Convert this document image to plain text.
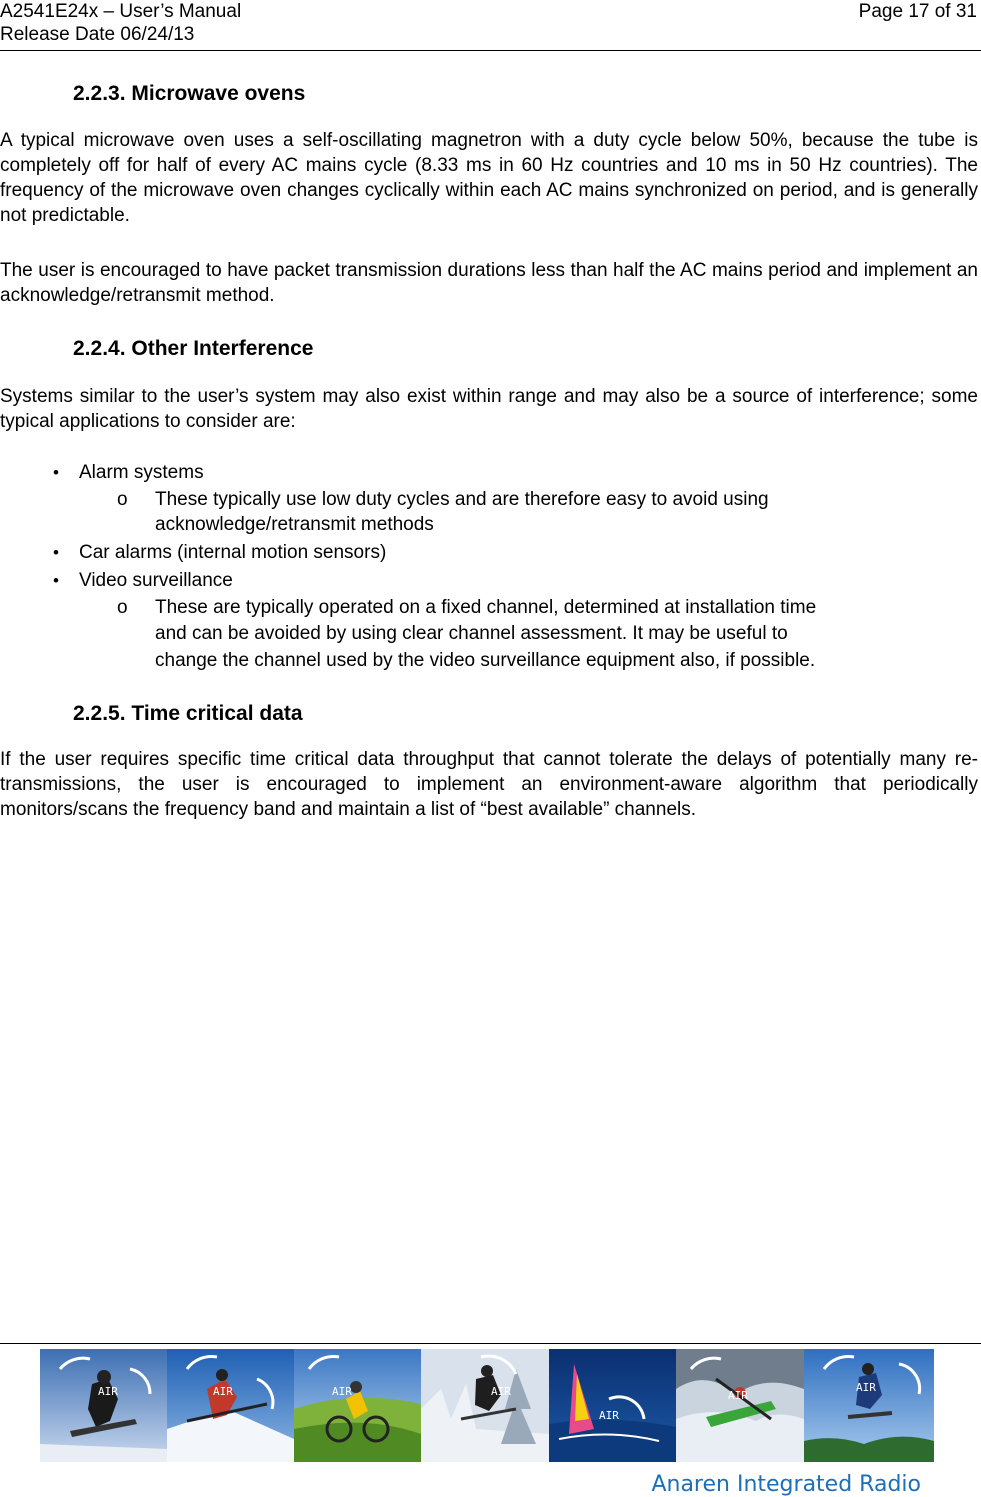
A2541E24x – User’s Manual
Release Date 06/24/13
Page 17 of 31
2.2.3. Microwave ovens

A typical microwave oven uses a self-oscillating magnetron with a duty cycle below 50%, because the tube is completely off for half of every AC mains cycle (8.33 ms in 60 Hz countries and 10 ms in 50 Hz countries). The frequency of the microwave oven changes cyclically within each AC mains synchronized on period, and is generally not predictable.

The user is encouraged to have packet transmission durations less than half the AC mains period and implement an acknowledge/retransmit method.

2.2.4. Other Interference

Systems similar to the user’s system may also exist within range and may also be a source of interference; some typical applications to consider are:

• Alarm systems
o These typically use low duty cycles and are therefore easy to avoid using
acknowledge/retransmit methods
• Car alarms (internal motion sensors)
• Video surveillance
o These are typically operated on a fixed channel, determined at installation time
and can be avoided by using clear channel assessment. It may be useful to
change the channel used by the video surveillance equipment also, if possible.
2.2.5. Time critical data

If the user requires specific time critical data throughput that cannot tolerate the delays of potentially many re-transmissions, the user is encouraged to implement an environment-aware algorithm that periodically monitors/scans the frequency band and maintain a list of “best available” channels.

AIR	AIR	AIR	AIR
AIR
AIR
AIR
Anaren Integrated Radio
